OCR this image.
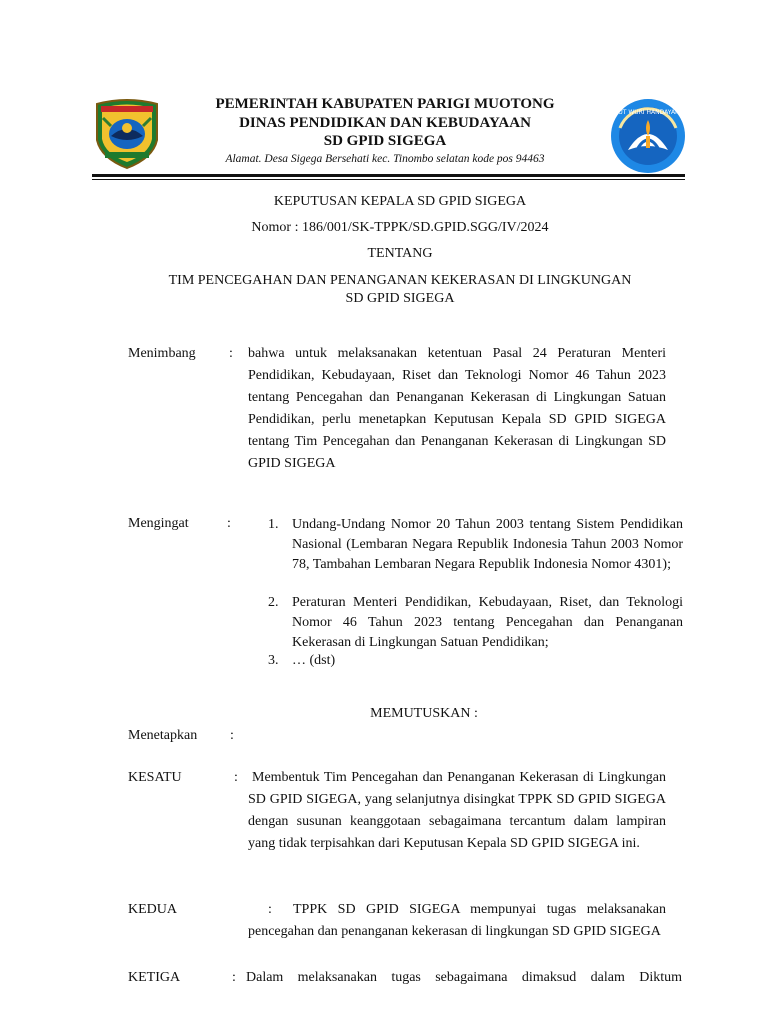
PEMERINTAH KABUPATEN PARIGI MUOTONG
DINAS PENDIDIKAN DAN KEBUDAYAAN
SD GPID SIGEGA
Alamat. Desa Sigega Bersehati kec. Tinombo selatan kode pos 94463
TUT WURI HANDAYANI
KEPUTUSAN KEPALA SD GPID SIGEGA
Nomor : 186/001/SK-TPPK/SD.GPID.SGG/IV/2024
TENTANG
TIM PENCEGAHAN DAN PENANGANAN KEKERASAN DI LINGKUNGAN
SD GPID SIGEGA
Menimbang : bahwa untuk melaksanakan ketentuan Pasal 24 Peraturan Menteri Pendidikan, Kebudayaan, Riset dan Teknologi Nomor 46 Tahun 2023 tentang Pencegahan dan Penanganan Kekerasan di Lingkungan Satuan Pendidikan, perlu menetapkan Keputusan Kepala SD GPID SIGEGA tentang Tim Pencegahan dan Penanganan Kekerasan di Lingkungan SD GPID SIGEGA
Mengingat	:	1. Undang-Undang Nomor 20 Tahun 2003 tentang Sistem Pendidikan Nasional (Lembaran Negara Republik Indonesia Tahun 2003 Nomor 78, Tambahan Lembaran Negara Republik Indonesia Nomor 4301);
2. Peraturan Menteri Pendidikan, Kebudayaan, Riset, dan Teknologi Nomor 46 Tahun 2023 tentang Pencegahan dan Penanganan Kekerasan di Lingkungan Satuan Pendidikan;
3. … (dst)
MEMUTUSKAN :
Menetapkan :
KESATU	: Membentuk Tim Pencegahan dan Penanganan Kekerasan di Lingkungan SD GPID SIGEGA, yang selanjutnya disingkat TPPK SD GPID SIGEGA dengan susunan keanggotaan sebagaimana tercantum dalam lampiran yang tidak terpisahkan dari Keputusan Kepala SD GPID SIGEGA ini.
KEDUA	:	TPPK SD GPID SIGEGA mempunyai tugas melaksanakan pencegahan dan penanganan kekerasan di lingkungan SD GPID SIGEGA
KETIGA	: Dalam melaksanakan tugas sebagaimana dimaksud dalam Diktum
